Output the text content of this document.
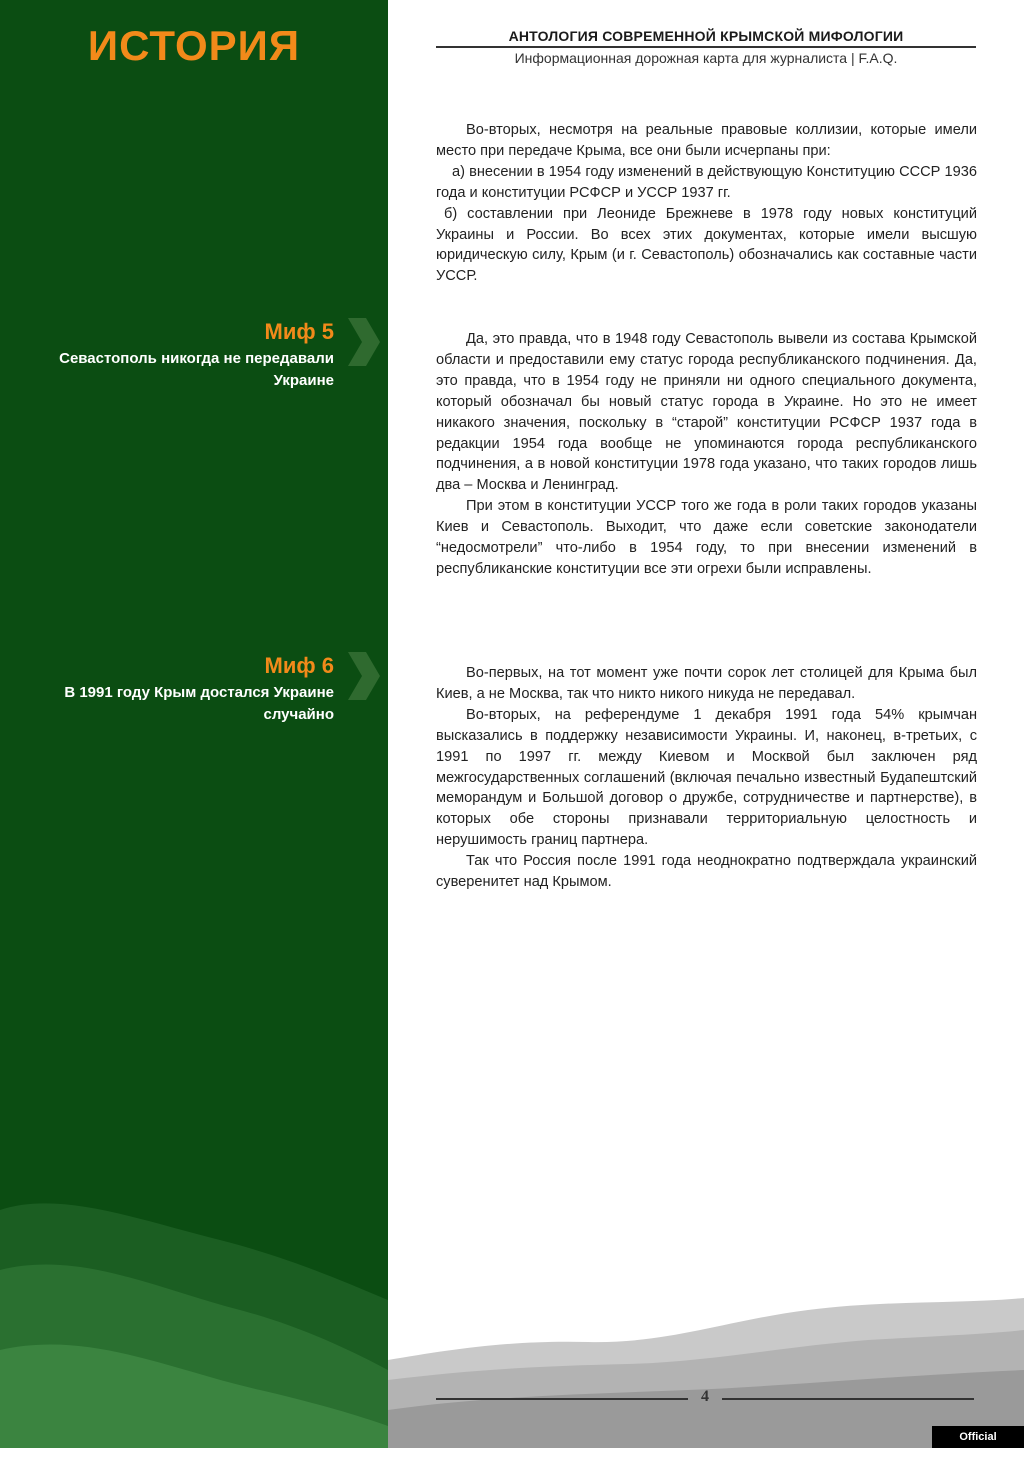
ИСТОРИЯ
Миф 5
Севастополь никогда не передавали Украине
Миф 6
В 1991 году Крым достался Украине случайно
АНТОЛОГИЯ СОВРЕМЕННОЙ КРЫМСКОЙ МИФОЛОГИИ
Информационная дорожная карта для журналиста | F.A.Q.

Во-вторых, несмотря на реальные правовые коллизии, которые имели место при передаче Крыма, все они были исчерпаны при:

а) внесении в 1954 году изменений в действующую Конституцию СССР 1936 года и конституции РСФСР и УССР 1937 гг.

б) составлении при Леониде Брежневе в 1978 году новых конституций Украины и России. Во всех этих документах, которые имели высшую юридическую силу, Крым (и г. Севастополь) обозначались как составные части УССР.

Да, это правда, что в 1948 году Севастополь вывели из состава Крымской области и предоставили ему статус города республиканского подчинения. Да, это правда, что в 1954 году не приняли ни одного специального документа, который обозначал бы новый статус города в Украине. Но это не имеет никакого значения, поскольку в “старой” конституции РСФСР 1937 года в редакции 1954 года вообще не упоминаются города республиканского подчинения, а в новой конституции 1978 года указано, что таких городов лишь два – Москва и Ленинград.

При этом в конституции УССР того же года в роли таких городов указаны Киев и Севастополь. Выходит, что даже если советские законодатели “недосмотрели” что-либо в 1954 году, то при внесении изменений в республиканские конституции все эти огрехи были исправлены.

Во-первых, на тот момент уже почти сорок лет столицей для Крыма был Киев, а не Москва, так что никто никого никуда не передавал.

Во-вторых, на референдуме 1 декабря 1991 года 54% крымчан высказались в поддержку независимости Украины. И, наконец, в-третьих, с 1991 по 1997 гг. между Киевом и Москвой был заключен ряд межгосударственных соглашений (включая печально известный Будапештский меморандум и Большой договор о дружбе, сотрудничестве и партнерстве), в которых обе стороны признавали территориальную целостность и нерушимость границ партнера.

Так что Россия после 1991 года неоднократно подтверждала украинский суверенитет над Крымом.

4
Official publication
